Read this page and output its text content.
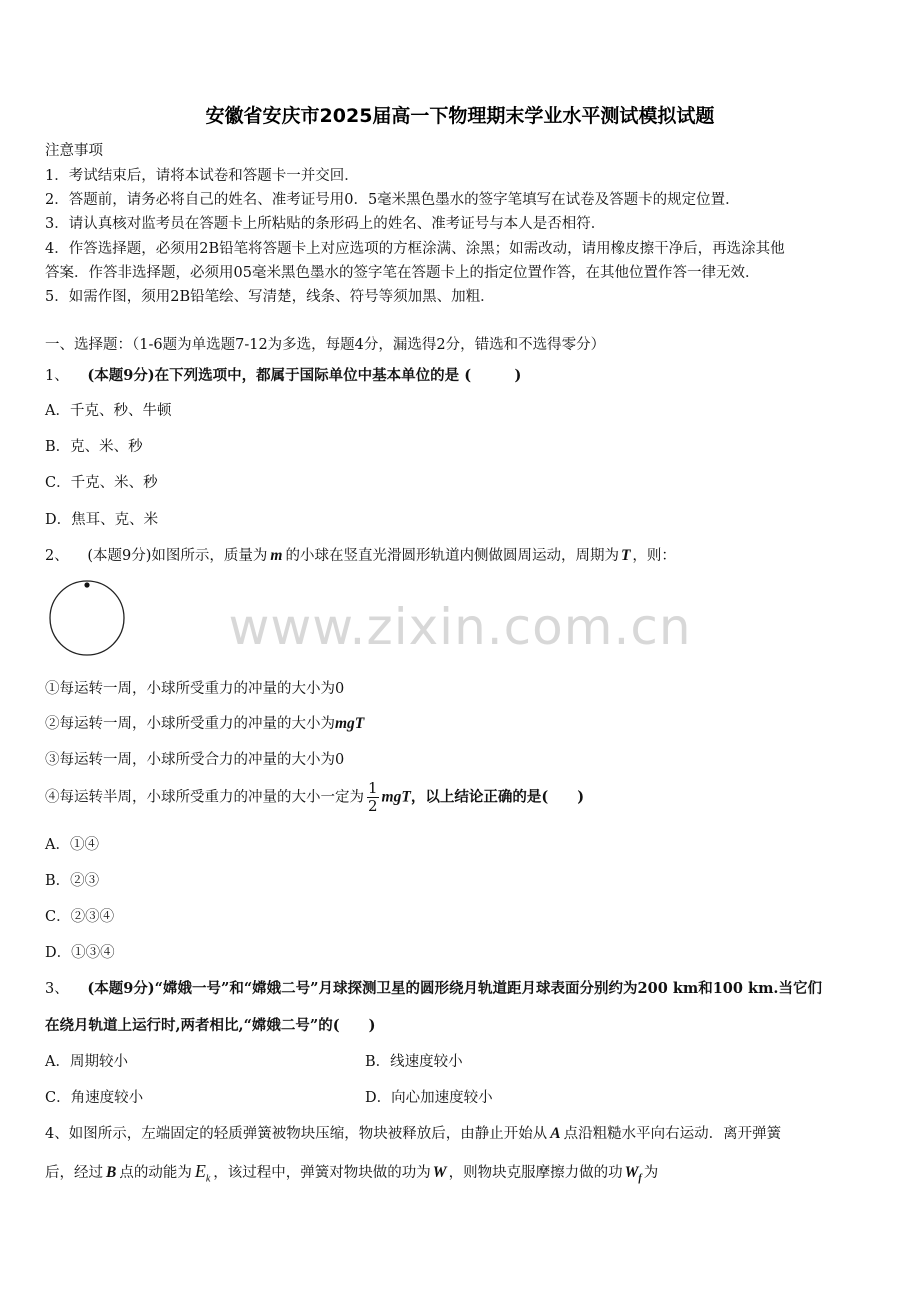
安徽省安庆市2025届高一下物理期末学业水平测试模拟试题
注意事项
1．考试结束后，请将本试卷和答题卡一并交回．
2．答题前，请务必将自己的姓名、准考证号用0．5毫米黑色墨水的签字笔填写在试卷及答题卡的规定位置．
3．请认真核对监考员在答题卡上所粘贴的条形码上的姓名、准考证号与本人是否相符．
4．作答选择题，必须用2B铅笔将答题卡上对应选项的方框涂满、涂黑；如需改动，请用橡皮擦干净后，再选涂其他
答案．作答非选择题，必须用05毫米黑色墨水的签字笔在答题卡上的指定位置作答，在其他位置作答一律无效．
5．如需作图，须用2B铅笔绘、写清楚，线条、符号等须加黑、加粗．
一、选择题：（1-6题为单选题7-12为多选，每题4分，漏选得2分，错选和不选得零分）
1、 (本题9分)在下列选项中，都属于国际单位中基本单位的是 (　　　)
A．千克、秒、牛顿
B．克、米、秒
C．千克、米、秒
D．焦耳、克、米
2、 (本题9分)如图所示，质量为 m 的小球在竖直光滑圆形轨道内侧做圆周运动，周期为 T ，则：
www.zixin.com.cn
①每运转一周，小球所受重力的冲量的大小为0
②每运转一周，小球所受重力的冲量的大小为mgT
③每运转一周，小球所受合力的冲量的大小为0
④每运转半周，小球所受重力的冲量的大小一定为 $\frac{1}{2}$ mgT，以上结论正确的是(　　)
A．①④
B．②③
C．②③④
D．①③④
3、 (本题9分)“嫦娥一号”和“嫦娥二号”月球探测卫星的圆形绕月轨道距月球表面分别约为200 km和100 km.当它们
在绕月轨道上运行时,两者相比,“嫦娥二号”的(　　)
A．周期较小	B．线速度较小
C．角速度较小	D．向心加速度较小
4、如图所示，左端固定的轻质弹簧被物块压缩，物块被释放后，由静止开始从 A 点沿粗糙水平向右运动．离开弹簧
后，经过 B 点的动能为 $E_k$ ，该过程中，弹簧对物块做的功为 W ，则物块克服摩擦力做的功 $W_f$ 为
